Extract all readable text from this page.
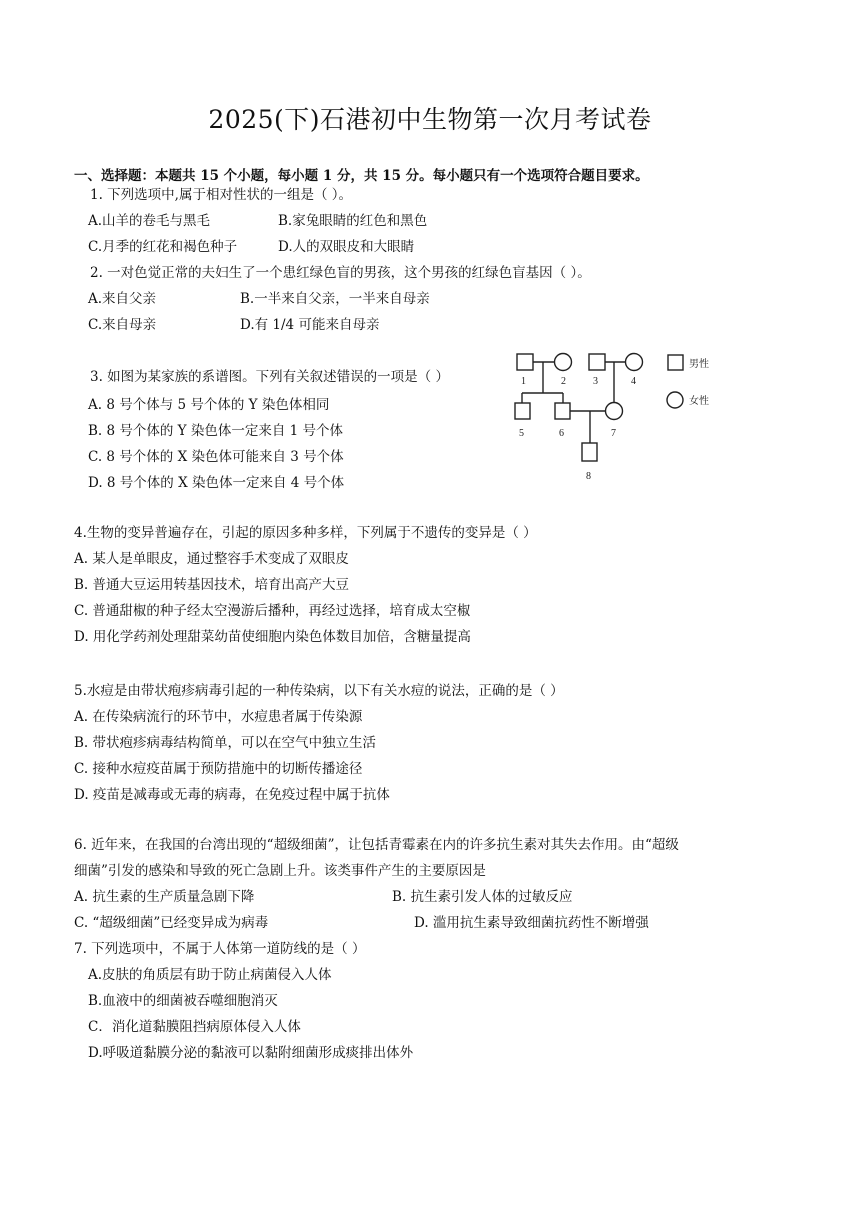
2025(下)石港初中生物第一次月考试卷
一、选择题：本题共 15 个小题，每小题 1 分，共 15 分。每小题只有一个选项符合题目要求。
1. 下列选项中,属于相对性状的一组是（ ）。
A.山羊的卷毛与黑毛	B.家兔眼睛的红色和黑色
C.月季的红花和褐色种子	D.人的双眼皮和大眼睛
2. 一对色觉正常的夫妇生了一个患红绿色盲的男孩，这个男孩的红绿色盲基因（ ）。
A.来自父亲	B.一半来自父亲，一半来自母亲
C.来自母亲	D.有 1/4 可能来自母亲
3. 如图为某家族的系谱图。下列有关叙述错误的一项是（ ）
A. 8 号个体与 5 号个体的 Y 染色体相同
B. 8 号个体的 Y 染色体一定来自 1 号个体
C. 8 号个体的 X 染色体可能来自 3 号个体
D. 8 号个体的 X 染色体一定来自 4 号个体
1	2	3	4
5	6	7
8
男性
女性
4.生物的变异普遍存在，引起的原因多种多样，下列属于不遗传的变异是（ ）
A. 某人是单眼皮，通过整容手术变成了双眼皮
B. 普通大豆运用转基因技术，培育出高产大豆
C. 普通甜椒的种子经太空漫游后播种，再经过选择，培育成太空椒
D. 用化学药剂处理甜菜幼苗使细胞内染色体数目加倍，含糖量提高
5.水痘是由带状疱疹病毒引起的一种传染病，以下有关水痘的说法，正确的是（ ）
A. 在传染病流行的环节中，水痘患者属于传染源
B. 带状疱疹病毒结构简单，可以在空气中独立生活
C. 接种水痘疫苗属于预防措施中的切断传播途径
D. 疫苗是减毒或无毒的病毒，在免疫过程中属于抗体
6. 近年来，在我国的台湾出现的“超级细菌”，让包括青霉素在内的许多抗生素对其失去作用。由“超级
细菌”引发的感染和导致的死亡急剧上升。该类事件产生的主要原因是
A. 抗生素的生产质量急剧下降	B. 抗生素引发人体的过敏反应
C. “超级细菌”已经变异成为病毒	D. 滥用抗生素导致细菌抗药性不断增强
7. 下列选项中，不属于人体第一道防线的是（ ）
A.皮肤的角质层有助于防止病菌侵入人体
B.血液中的细菌被吞噬细胞消灭
C．消化道黏膜阻挡病原体侵入人体
D.呼吸道黏膜分泌的黏液可以黏附细菌形成痰排出体外
